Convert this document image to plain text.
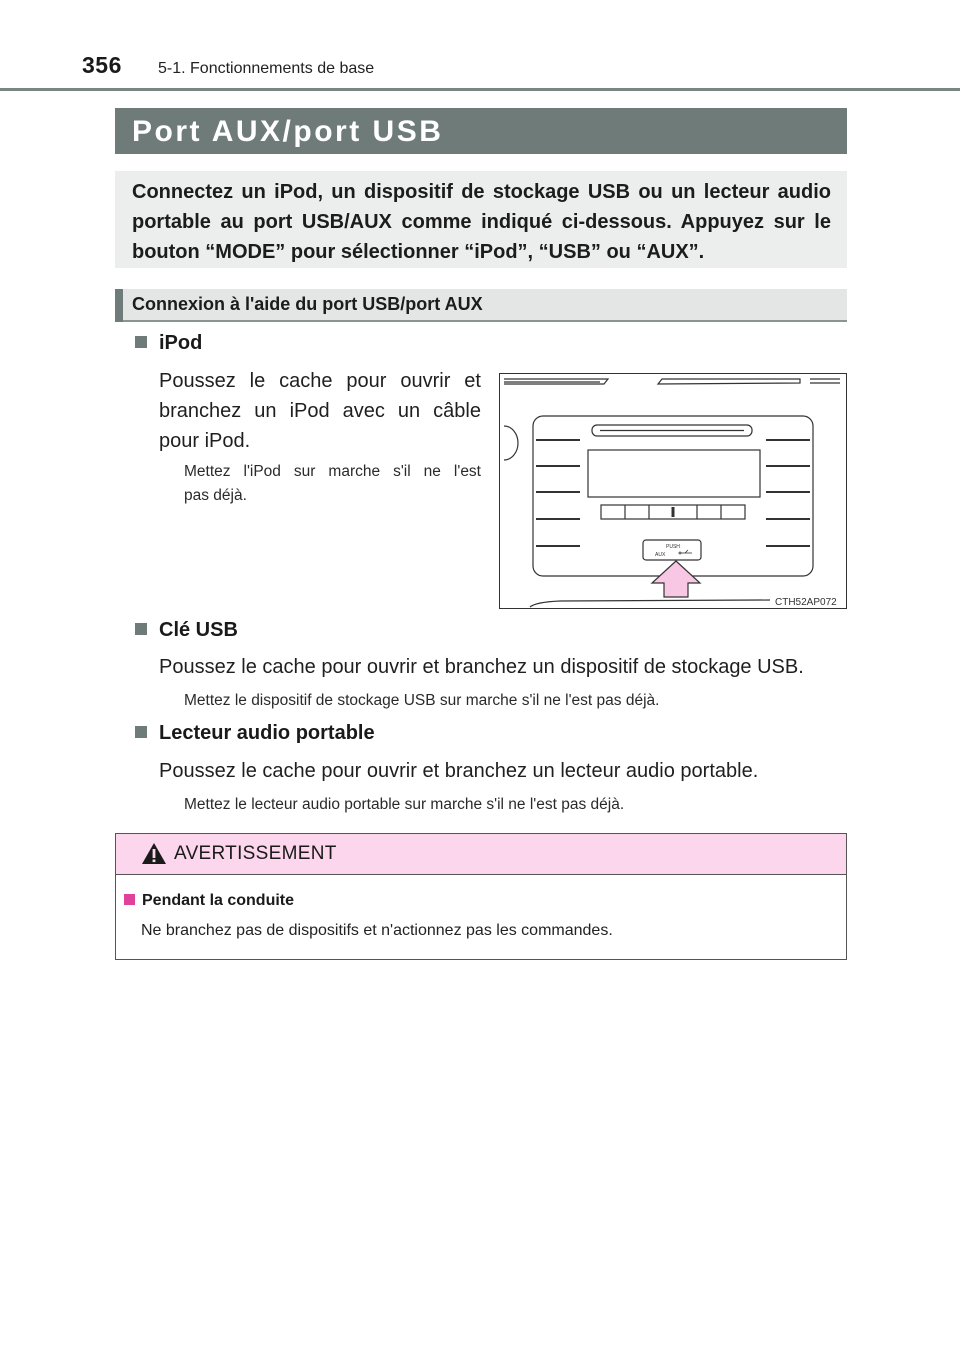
356 5-1. Fonctionnements de base
Port AUX/port USB

Connectez un iPod, un dispositif de stockage USB ou un lecteur audio portable au port USB/AUX comme indiqué ci-dessous. Appuyez sur le bouton “MODE” pour sélectionner “iPod”, “USB” ou “AUX”.

Connexion à l'aide du port USB/port AUX
iPod
Poussez le cache pour ouvrir et
branchez un iPod avec un câble
pour iPod.
Mettez l'iPod sur marche s'il ne l'est
pas déjà.
PUSH
AUX
CTH52AP072
Clé USB
Poussez le cache pour ouvrir et branchez un dispositif de stockage USB.
Mettez le dispositif de stockage USB sur marche s'il ne l'est pas déjà.
Lecteur audio portable
Poussez le cache pour ouvrir et branchez un lecteur audio portable.
Mettez le lecteur audio portable sur marche s'il ne l'est pas déjà.
AVERTISSEMENT
Pendant la conduite
Ne branchez pas de dispositifs et n'actionnez pas les commandes.
